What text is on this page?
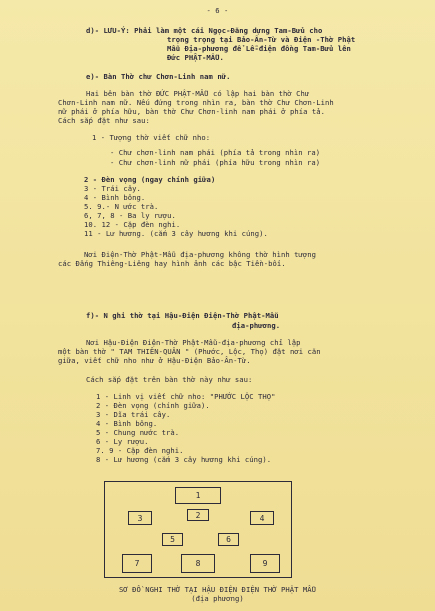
- 6 -
d)- LƯU-Ý: Phải làm một cái Ngọc-Đăng dựng Tam-Bửu cho
trọng trọng tại Bảo-Ân-Từ và Điện -Thờ Phật
Mẫu Địa-phương để Lễ-điện đồng Tam-Bửu lên
Đức PHẬT-MẪU.
e)- Bàn Thờ chư Chơn-Linh nam nữ.
Hai bên bàn thờ ĐỨC PHẬT-MẪU có lập hai bàn thờ Chư
Chơn-Linh nam nữ. Nếu đứng trong nhìn ra, bàn thờ Chư Chơn-Linh
nữ phái ở phía hữu, bàn thờ Chư Chơn-linh nam phái ở phía tả.
Cách sắp đặt như sau:
1 - Tượng thờ viết chữ nho:
- Chư chơn-linh nam phái (phía tả trong nhìn ra)
- Chư chơn-linh nữ phái (phía hữu trong nhìn ra)
2 - Đèn vọng (ngay chính giữa)
3 - Trái cây.
4 - Bình bông.
5. 9.- N ước trà.
6, 7, 8 - Ba ly rượu.
10. 12 - Cặp đèn nghi.
11 - Lư hương. (cắm 3 cây hương khi cúng).
Nơi Điện-Thờ Phật-Mẫu địa-phương không thờ hình tượng
các Đấng Thiêng-Liêng hay hình ảnh các bậc Tiền-bối.
f)- N ghi thờ tại Hậu-Điện Điện-Thờ Phật-Mẫu
địa-phương.
Nơi Hậu-Điện Điện-Thờ Phật-Mẫu-địa-phương chỉ lập
một bàn thờ " TAM THIÊN-QUÂN " (Phước, Lộc, Thọ) đặt nơi căn
giữa, viết chữ nho như ở Hậu-Điện Bảo-Ân-Từ.
Cách sắp đặt trên bàn thờ này như sau:
1 - Linh vị viết chữ nho: "PHƯỚC LỘC THỌ"
2 - Đèn vọng (chính giữa).
3 - Dĩa trái cây.
4 - Bình bông.
5 - Chung nước trà.
6 - Ly rượu.
7. 9 - Cặp đèn nghi.
8 - Lư hương (cắm 3 cây hương khi cúng).
1
2
3	4
5	6
7	8	9
SƠ ĐỒ NGHI THỜ TẠI HẬU ĐIỆN ĐIỆN THỜ PHẬT MẪU
(địa phương)
